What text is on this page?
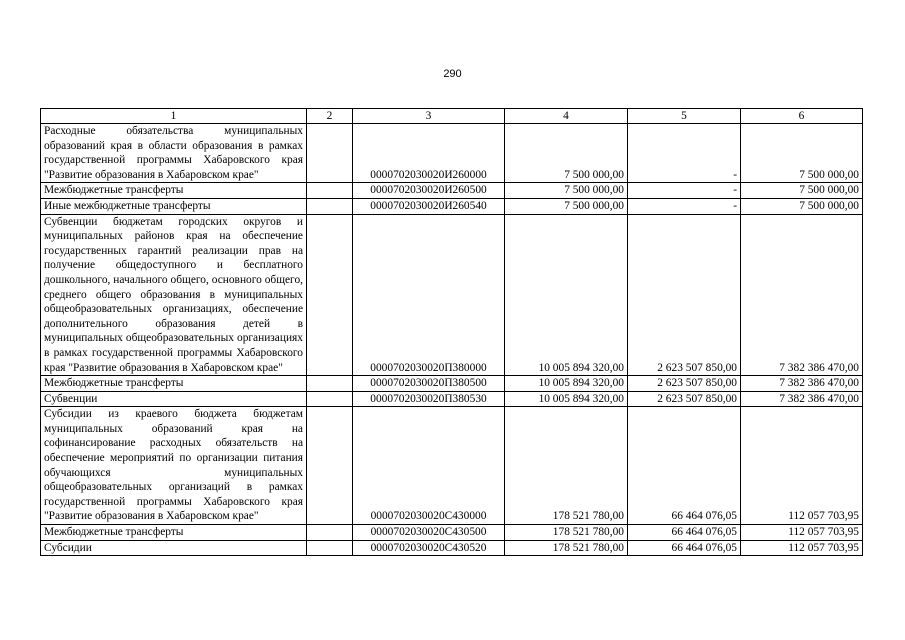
290
1	2	3	4	5	6
Расходные обязательства муниципальных образований края в области образования в рамках государственной программы Хабаровского края "Развитие образования в Хабаровском крае"		0000702030020И260000	7 500 000,00	-	7 500 000,00
Межбюджетные трансферты		0000702030020И260500	7 500 000,00	-	7 500 000,00
Иные межбюджетные трансферты		0000702030020И260540	7 500 000,00	-	7 500 000,00
Субвенции бюджетам городских округов и муниципальных районов края на обеспечение государственных гарантий реализации прав на получение общедоступного и бесплатного дошкольного, начального общего, основного общего, среднего общего образования в муниципальных общеобразовательных организациях, обеспечение дополнительного образования детей в муниципальных общеобразовательных организациях в рамках государственной программы Хабаровского края "Развитие образования в Хабаровском крае"		0000702030020П380000	10 005 894 320,00	2 623 507 850,00	7 382 386 470,00
Межбюджетные трансферты		0000702030020П380500	10 005 894 320,00	2 623 507 850,00	7 382 386 470,00
Субвенции		0000702030020П380530	10 005 894 320,00	2 623 507 850,00	7 382 386 470,00
Субсидии из краевого бюджета бюджетам муниципальных образований края на софинансирование расходных обязательств на обеспечение мероприятий по организации питания обучающихся муниципальных общеобразовательных организаций в рамках государственной программы Хабаровского края "Развитие образования в Хабаровском крае"		0000702030020С430000	178 521 780,00	66 464 076,05	112 057 703,95
Межбюджетные трансферты		0000702030020С430500	178 521 780,00	66 464 076,05	112 057 703,95
Субсидии		0000702030020С430520	178 521 780,00	66 464 076,05	112 057 703,95
